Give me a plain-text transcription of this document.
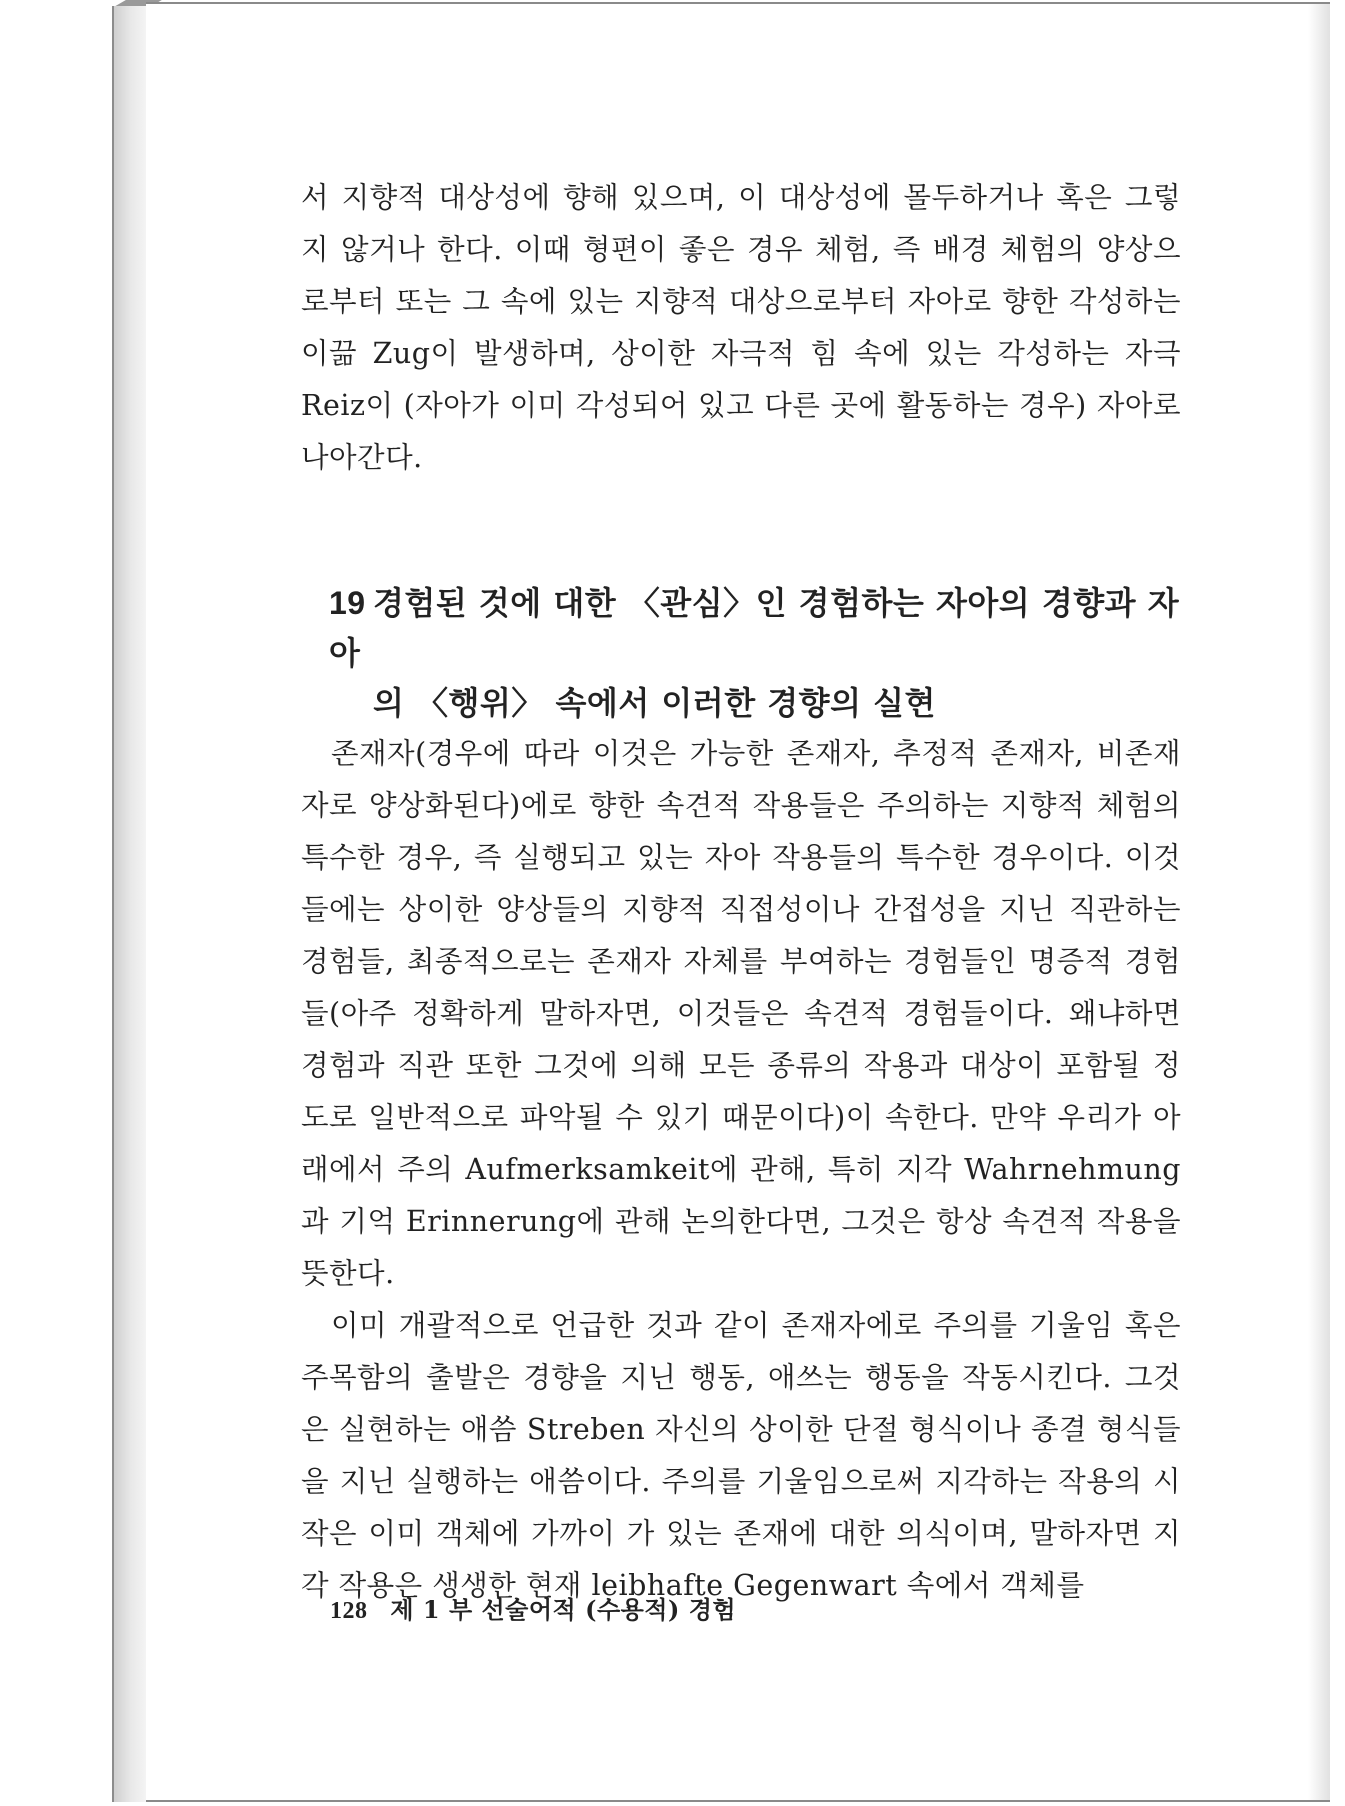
서 지향적 대상성에 향해 있으며, 이 대상성에 몰두하거나 혹은 그렇지 않거나 한다. 이때 형편이 좋은 경우 체험, 즉 배경 체험의 양상으로부터 또는 그 속에 있는 지향적 대상으로부터 자아로 향한 각성하는 이끎 Zug이 발생하며, 상이한 자극적 힘 속에 있는 각성하는 자극 Reiz이 (자아가 이미 각성되어 있고 다른 곳에 활동하는 경우) 자아로 나아간다.

19 경험된 것에 대한 〈관심〉인 경험하는 자아의 경향과 자아
의 〈행위〉 속에서 이러한 경향의 실현

존재자(경우에 따라 이것은 가능한 존재자, 추정적 존재자, 비존재자로 양상화된다)에로 향한 속견적 작용들은 주의하는 지향적 체험의 특수한 경우, 즉 실행되고 있는 자아 작용들의 특수한 경우이다. 이것들에는 상이한 양상들의 지향적 직접성이나 간접성을 지닌 직관하는 경험들, 최종적으로는 존재자 자체를 부여하는 경험들인 명증적 경험들(아주 정확하게 말하자면, 이것들은 속견적 경험들이다. 왜냐하면 경험과 직관 또한 그것에 의해 모든 종류의 작용과 대상이 포함될 정도로 일반적으로 파악될 수 있기 때문이다)이 속한다. 만약 우리가 아래에서 주의 Aufmerksamkeit에 관해, 특히 지각 Wahrnehmung과 기억 Erinnerung에 관해 논의한다면, 그것은 항상 속견적 작용을 뜻한다.

이미 개괄적으로 언급한 것과 같이 존재자에로 주의를 기울임 혹은 주목함의 출발은 경향을 지닌 행동, 애쓰는 행동을 작동시킨다. 그것은 실현하는 애씀 Streben 자신의 상이한 단절 형식이나 종결 형식들을 지닌 실행하는 애씀이다. 주의를 기울임으로써 지각하는 작용의 시작은 이미 객체에 가까이 가 있는 존재에 대한 의식이며, 말하자면 지각 작용은 생생한 현재 leibhafte Gegenwart 속에서 객체를

128 제 1 부 선술어적 (수용적) 경험
